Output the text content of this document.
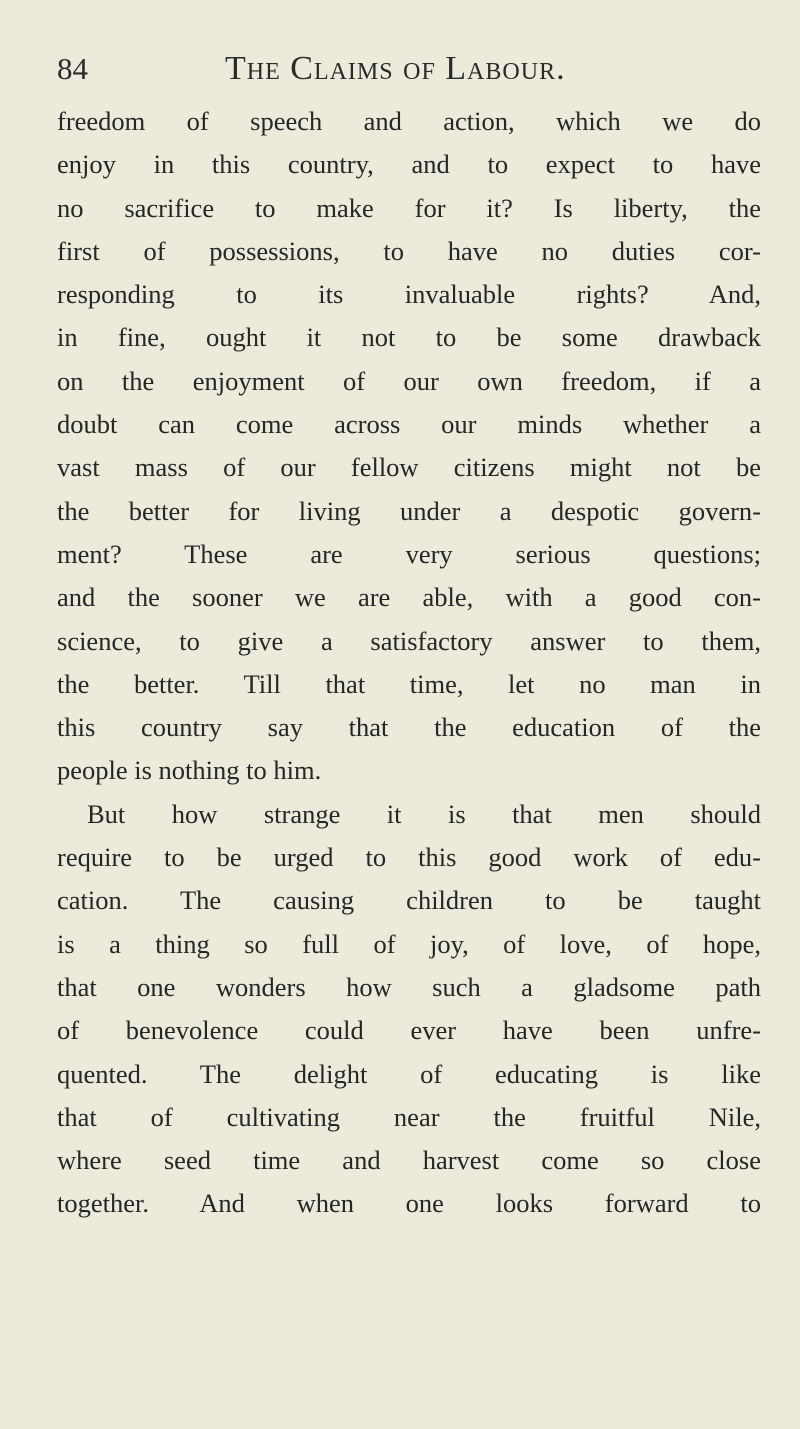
84	The Claims of Labour.
freedom of speech and action, which we do
enjoy in this country, and to expect to have
no sacrifice to make for it? Is liberty, the
first of possessions, to have no duties cor-
responding to its invaluable rights? And,
in fine, ought it not to be some drawback
on the enjoyment of our own freedom, if a
doubt can come across our minds whether a
vast mass of our fellow citizens might not be
the better for living under a despotic govern-
ment? These are very serious questions;
and the sooner we are able, with a good con-
science, to give a satisfactory answer to them,
the better. Till that time, let no man in
this country say that the education of the
people is nothing to him.
But how strange it is that men should
require to be urged to this good work of edu-
cation. The causing children to be taught
is a thing so full of joy, of love, of hope,
that one wonders how such a gladsome path
of benevolence could ever have been unfre-
quented. The delight of educating is like
that of cultivating near the fruitful Nile,
where seed time and harvest come so close
together. And when one looks forward to
